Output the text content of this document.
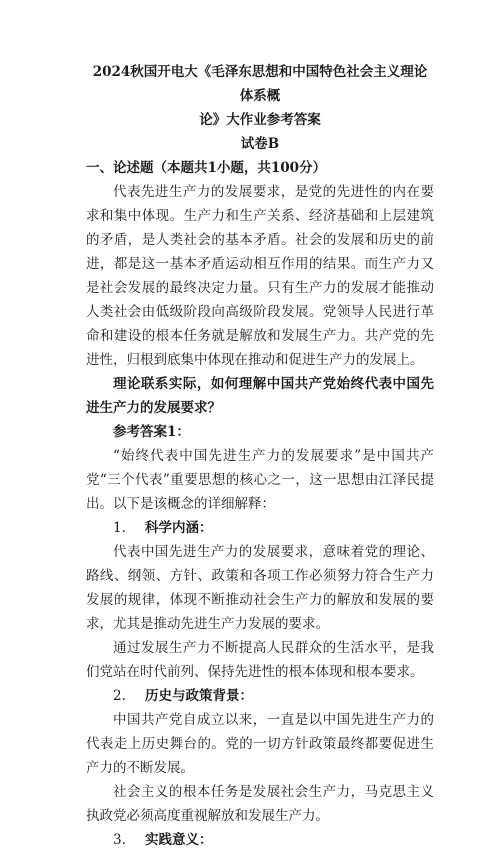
2024秋国开电大《毛泽东思想和中国特色社会主义理论体系概
论》大作业参考答案
试卷B
一、论述题（本题共1小题，共100分）

代表先进生产力的发展要求，是党的先进性的内在要求和集中体现。生产力和生产关系、经济基础和上层建筑的矛盾，是人类社会的基本矛盾。社会的发展和历史的前进，都是这一基本矛盾运动相互作用的结果。而生产力又是社会发展的最终决定力量。只有生产力的发展才能推动人类社会由低级阶段向高级阶段发展。党领导人民进行革命和建设的根本任务就是解放和发展生产力。共产党的先进性，归根到底集中体现在推动和促进生产力的发展上。

理论联系实际，如何理解中国共产党始终代表中国先进生产力的发展要求？

参考答案1：

“始终代表中国先进生产力的发展要求”是中国共产党“三个代表”重要思想的核心之一，这一思想由江泽民提出。以下是该概念的详细解释：

1. 科学内涵：

代表中国先进生产力的发展要求，意味着党的理论、路线、纲领、方针、政策和各项工作必须努力符合生产力发展的规律，体现不断推动社会生产力的解放和发展的要求，尤其是推动先进生产力发展的要求。

通过发展生产力不断提高人民群众的生活水平，是我们党站在时代前列、保持先进性的根本体现和根本要求。

2. 历史与政策背景：

中国共产党自成立以来，一直是以中国先进生产力的代表走上历史舞台的。党的一切方针政策最终都要促进生产力的不断发展。

社会主义的根本任务是发展社会生产力，马克思主义执政党必须高度重视解放和发展生产力。

3. 实践意义：
